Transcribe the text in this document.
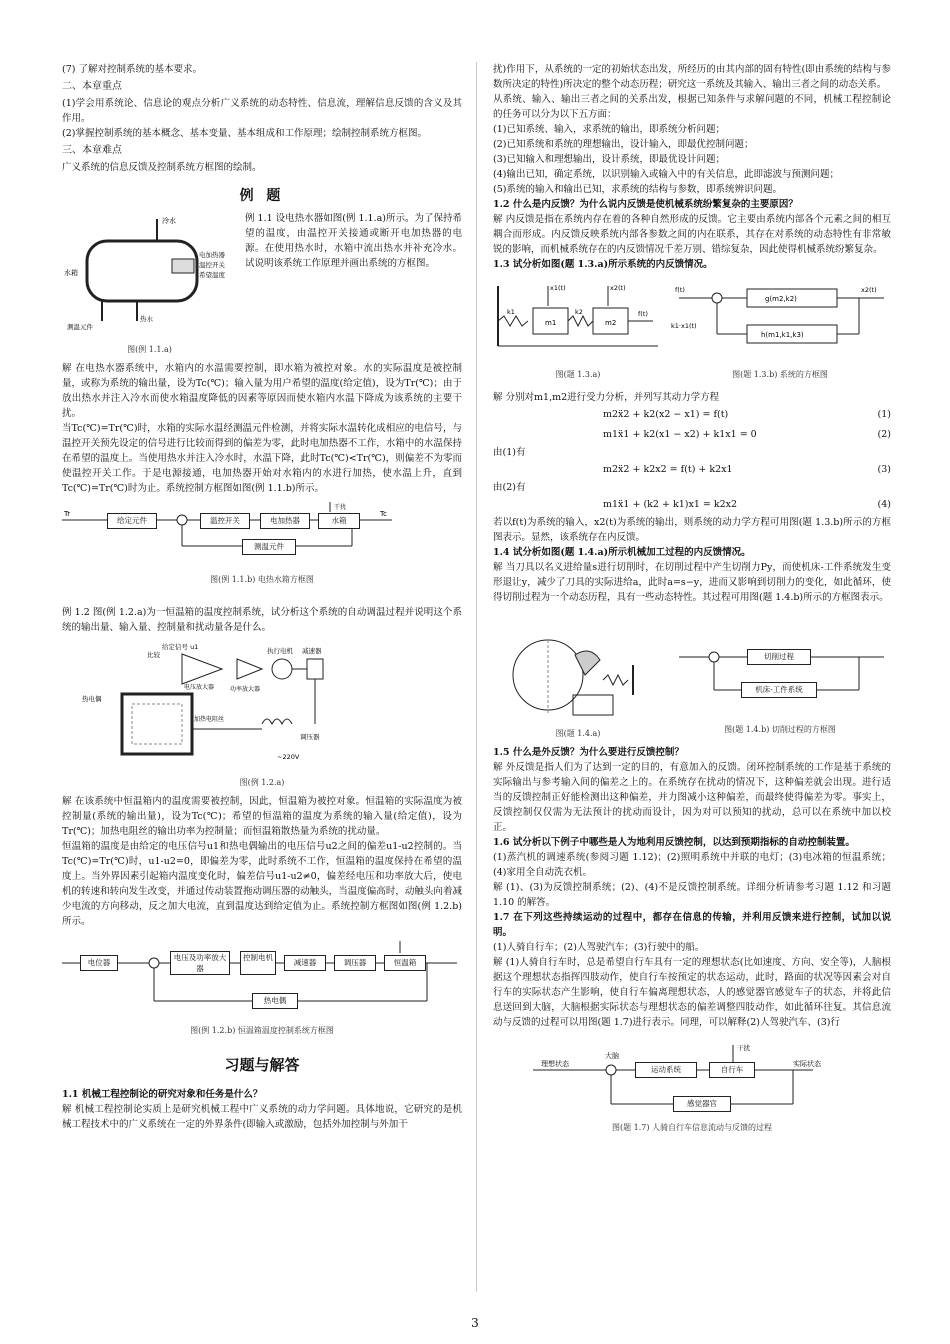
(7) 了解对控制系统的基本要求。

二、本章重点

(1)学会用系统论、信息论的观点分析广义系统的动态特性、信息流，理解信息反馈的含义及其作用。

(2)掌握控制系统的基本概念、基本变量、基本组成和工作原理；绘制控制系统方框图。

三、本章难点

广义系统的信息反馈及控制系统方框图的绘制。

例 题
冷水
电加热器
温控开关
希望温度
水箱
测温元件
热水
图(例 1.1.a)

例 1.1 设电热水器如图(例 1.1.a)所示。为了保持希望的温度，由温控开关接通或断开电加热器的电源。在使用热水时，水箱中流出热水并补充冷水。试说明该系统工作原理并画出系统的方框图。

解 在电热水器系统中，水箱内的水温需要控制，即水箱为被控对象。水的实际温度是被控制量，或称为系统的输出量，设为Tc(℃)；输入量为用户希望的温度(给定值)，设为Tr(℃)；由于放出热水并注入冷水而使水箱温度降低的因素等原因而使水箱内水温下降成为该系统的主要干扰。

当Tc(℃)=Tr(℃)时，水箱的实际水温经测温元件检测，并将实际水温转化成相应的电信号，与温控开关预先设定的信号进行比较而得到的偏差为零，此时电加热器不工作，水箱中的水温保持在希望的温度上。当使用热水并注入冷水时，水温下降，此时Tc(℃)<Tr(℃)，则偏差不为零而使温控开关工作。于是电源接通，电加热器开始对水箱内的水进行加热，使水温上升，直到Tc(℃)=Tr(℃)时为止。系统控制方框图如图(例 1.1.b)所示。

Tr	Tc
干扰
给定元件	温控开关	电加热器	水箱
测温元件
图(例 1.1.b) 电热水箱方框图

例 1.2 图(例 1.2.a)为一恒温箱的温度控制系统，试分析这个系统的自动调温过程并说明这个系统的输出量、输入量、控制量和扰动量各是什么。

给定信号 u1
比较
电压放大器	功率放大器
执行电机 减速器
热电偶
加热电阻丝
调压器
~220V
图(例 1.2.a)

解 在该系统中恒温箱内的温度需要被控制，因此，恒温箱为被控对象。恒温箱的实际温度为被控制量(系统的输出量)，设为Tc(℃)；希望的恒温箱的温度为系统的输入量(给定值)，设为Tr(℃)；加热电阻丝的输出功率为控制量；而恒温箱散热量为系统的扰动量。

恒温箱的温度是由给定的电压信号u1和热电偶输出的电压信号u2之间的偏差u1-u2控制的。当Tc(℃)=Tr(℃)时，u1-u2=0，即偏差为零，此时系统不工作，恒温箱的温度保持在希望的温度上。当外界因素引起箱内温度变化时，偏差信号u1-u2≠0，偏差经电压和功率放大后，使电机的转速和转向发生改变，并通过传动装置拖动调压器的动触头，当温度偏高时，动触头向着减少电流的方向移动，反之加大电流，直到温度达到给定值为止。系统控制方框图如图(例 1.2.b)所示。

电位器
电压及功率放大器
控制电机
减速器	调压器	恒温箱
热电偶
图(例 1.2.b) 恒温箱温度控制系统方框图
习题与解答

1.1 机械工程控制论的研究对象和任务是什么？

解 机械工程控制论实质上是研究机械工程中广义系统的动力学问题。具体地说，它研究的是机械工程技术中的广义系统在一定的外界条件(即输入或激励，包括外加控制与外加干

扰)作用下，从系统的一定的初始状态出发，所经历的由其内部的固有特性(即由系统的结构与参数所决定的特性)所决定的整个动态历程；研究这一系统及其输入、输出三者之间的动态关系。

从系统、输入、输出三者之间的关系出发，根据已知条件与求解问题的不同，机械工程控制论的任务可以分为以下五方面：

(1)已知系统、输入，求系统的输出，即系统分析问题；

(2)已知系统和系统的理想输出，设计输入，即最优控制问题；

(3)已知输入和理想输出，设计系统，即最优设计问题；

(4)输出已知，确定系统，以识别输入或输入中的有关信息，此即滤波与预测问题；

(5)系统的输入和输出已知，求系统的结构与参数，即系统辨识问题。

1.2 什么是内反馈？为什么说内反馈是使机械系统纷繁复杂的主要原因？

解 内反馈是指在系统内存在着的各种自然形成的反馈。它主要由系统内部各个元素之间的相互耦合而形成。内反馈反映系统内部各参数之间的内在联系，其存在对系统的动态特性有非常敏锐的影响，而机械系统存在的内反馈情况千差万别、错综复杂，因此使得机械系统纷繁复杂。

1.3 试分析如图(题 1.3.a)所示系统的内反馈情况。

x1(t)	x2(t)
k1	k2
m1	m2
f(t)
图(题 1.3.a)
f(t)
g(m2,k2)
x2(t)
h(m1,k1,k3)
k1·x1(t)
图(题 1.3.b) 系统的方框图

解 分别对m1,m2进行受力分析，并列写其动力学方程

m2ẍ2 + k2(x2 − x1) = f(t)	(1)
m1ẍ1 + k2(x1 − x2) + k1x1 = 0	(2)

由(1)有

m2ẍ2 + k2x2 = f(t) + k2x1	(3)

由(2)有

m1ẍ1 + (k2 + k1)x1 = k2x2	(4)

若以f(t)为系统的输入，x2(t)为系统的输出，则系统的动力学方程可用图(题 1.3.b)所示的方框图表示。显然，该系统存在内反馈。

1.4 试分析如图(题 1.4.a)所示机械加工过程的内反馈情况。

解 当刀具以名义进给量s进行切削时，在切削过程中产生切削力Py，而使机床-工件系统发生变形退让y，减少了刀具的实际进给a，此时a=s−y，进而又影响到切削力的变化，如此循环，使得切削过程为一个动态历程，具有一些动态特性。其过程可用图(题 1.4.b)所示的方框图表示。

图(题 1.4.a)
切削过程
机床-工件系统
图(题 1.4.b) 切削过程的方框图

1.5 什么是外反馈？为什么要进行反馈控制？

解 外反馈是指人们为了达到一定的目的，有意加入的反馈。闭环控制系统的工作是基于系统的实际输出与参考输入间的偏差之上的。在系统存在扰动的情况下，这种偏差就会出现。进行适当的反馈控制正好能检测出这种偏差，并力图减小这种偏差，而最终使得偏差为零。事实上，反馈控制仅仅需为无法预计的扰动而设计，因为对可以预知的扰动，总可以在系统中加以校正。

1.6 试分析以下例子中哪些是人为地利用反馈控制，以达到预期指标的自动控制装置。

(1)蒸汽机的调速系统(参阅习题 1.12)；(2)照明系统中并联的电灯；(3)电冰箱的恒温系统；(4)家用全自动洗衣机。

解 (1)、(3)为反馈控制系统；(2)、(4)不是反馈控制系统。详细分析请参考习题 1.12 和习题 1.10 的解答。

1.7 在下列这些持续运动的过程中，都存在信息的传输，并利用反馈来进行控制，试加以说明。

(1)人骑自行车；(2)人驾驶汽车；(3)行驶中的船。

解 (1)人骑自行车时，总是希望自行车具有一定的理想状态(比如速度、方向、安全等)，人脑根据这个理想状态指挥四肢动作，使自行车按预定的状态运动，此时，路面的状况等因素会对自行车的实际状态产生影响，使自行车偏离理想状态，人的感觉器官感觉车子的状态，并将此信息送回到大脑，大脑根据实际状态与理想状态的偏差调整四肢动作，如此循环往复。其信息流动与反馈的过程可以用图(题 1.7)进行表示。同理，可以解释(2)人驾驶汽车、(3)行

理想状态
大脑
实际状态
干扰
运动系统	自行车
感觉器官
图(题 1.7) 人骑自行车信息流动与反馈的过程
3
